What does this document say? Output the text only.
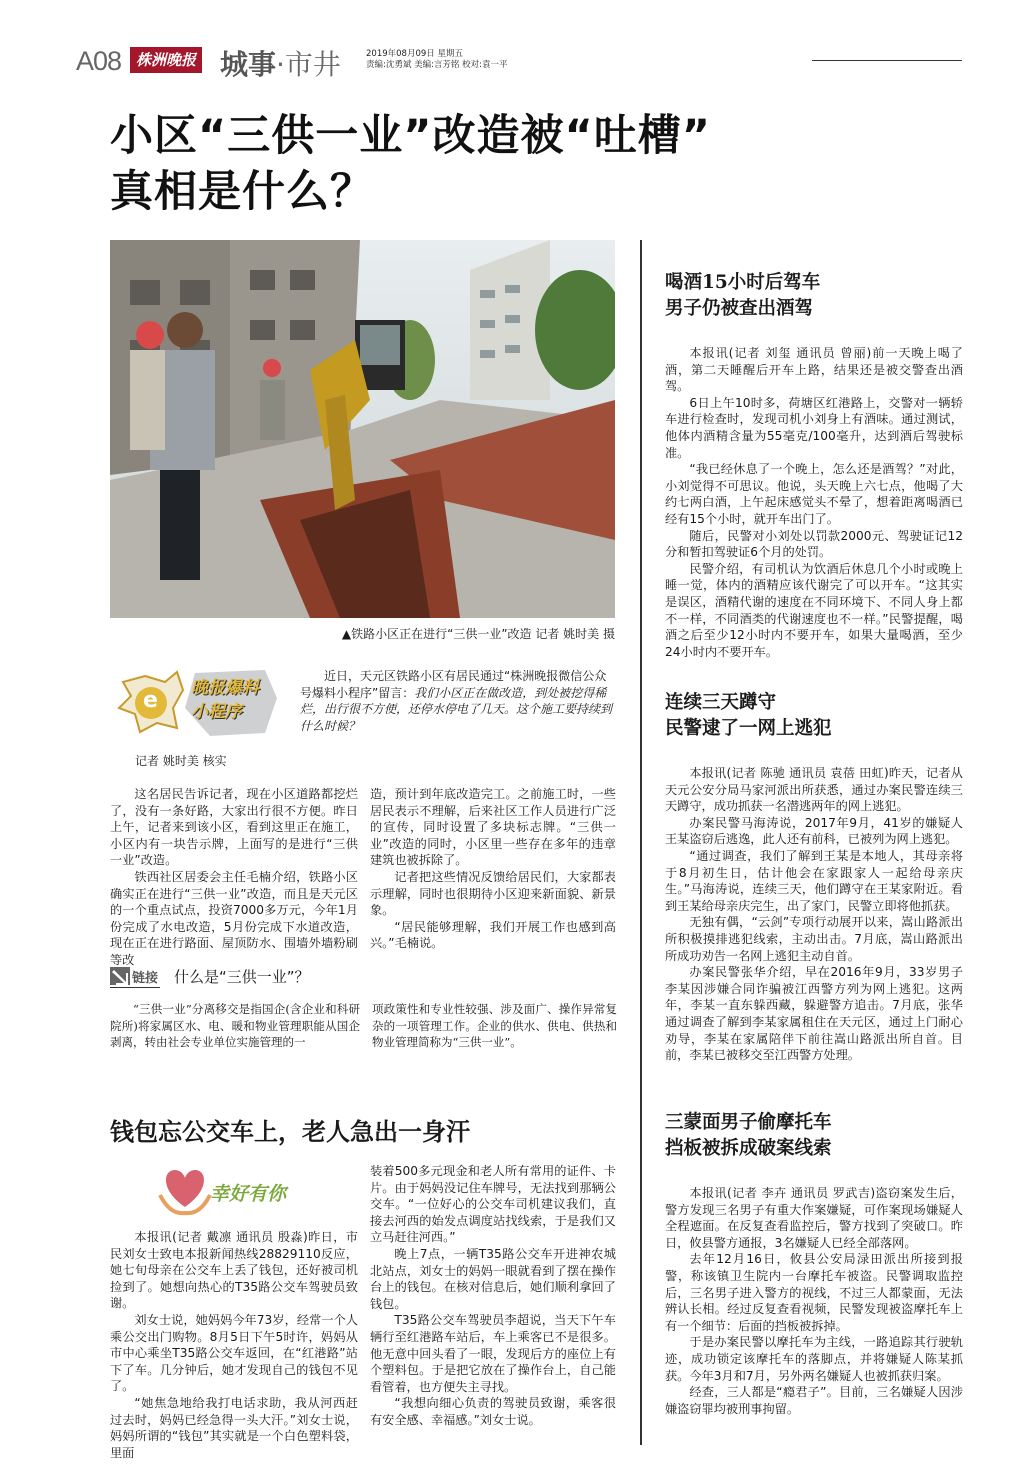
A08 株洲晚报 城事·市井	2019年08月09日 星期五
责编:沈勇斌 美编:言芳铭 校对:袁一平
小区“三供一业”改造被“吐槽”
真相是什么？
▲铁路小区正在进行“三供一业”改造 记者 姚时美 摄
e 晚报爆料
小程序

近日，天元区铁路小区有居民通过“株洲晚报微信公众号爆料小程序”留言：我们小区正在做改造，到处被挖得稀烂，出行很不方便，还停水停电了几天。这个施工要持续到什么时候？

记者 姚时美 核实

这名居民告诉记者，现在小区道路都挖烂了，没有一条好路，大家出行很不方便。昨日上午，记者来到该小区，看到这里正在施工，小区内有一块告示牌，上面写的是进行“三供一业”改造。

铁西社区居委会主任毛楠介绍，铁路小区确实正在进行“三供一业”改造，而且是天元区的一个重点试点，投资7000多万元，今年1月份完成了水电改造，5月份完成下水道改造，现在正在进行路面、屋顶防水、围墙外墙粉刷等改

造，预计到年底改造完工。之前施工时，一些居民表示不理解，后来社区工作人员进行广泛的宣传，同时设置了多块标志牌。“三供一业”改造的同时，小区里一些存在多年的违章建筑也被拆除了。

记者把这些情况反馈给居民们，大家都表示理解，同时也很期待小区迎来新面貌、新景象。

“居民能够理解，我们开展工作也感到高兴。”毛楠说。

链接 什么是“三供一业”？

“三供一业”分离移交是指国企(含企业和科研院所)将家属区水、电、暖和物业管理职能从国企剥离，转由社会专业单位实施管理的一

项政策性和专业性较强、涉及面广、操作异常复杂的一项管理工作。企业的供水、供电、供热和物业管理简称为“三供一业”。
钱包忘公交车上，老人急出一身汗
幸好有你

本报讯(记者 戴凛 通讯员 殷淼)昨日，市民刘女士致电本报新闻热线28829110反应，她七旬母亲在公交车上丢了钱包，还好被司机捡到了。她想向热心的T35路公交车驾驶员致谢。

刘女士说，她妈妈今年73岁，经常一个人乘公交出门购物。8月5日下午5时许，妈妈从市中心乘坐T35路公交车返回，在“红港路”站下了车。几分钟后，她才发现自己的钱包不见了。

“她焦急地给我打电话求助，我从河西赶过去时，妈妈已经急得一头大汗。”刘女士说，妈妈所谓的“钱包”其实就是一个白色塑料袋，里面

装着500多元现金和老人所有常用的证件、卡片。由于妈妈没记住车牌号，无法找到那辆公交车。“一位好心的公交车司机建议我们，直接去河西的始发点调度站找线索，于是我们又立马赶往河西。”

晚上7点，一辆T35路公交车开进神农城北站点，刘女士的妈妈一眼就看到了摆在操作台上的钱包。在核对信息后，她们顺利拿回了钱包。

T35路公交车驾驶员李超说，当天下午车辆行至红港路车站后，车上乘客已不是很多。他无意中回头看了一眼，发现后方的座位上有个塑料包。于是把它放在了操作台上，自己能看管着，也方便失主寻找。

“我想向细心负责的驾驶员致谢，乘客很有安全感、幸福感。”刘女士说。

喝酒15小时后驾车
男子仍被查出酒驾

本报讯(记者 刘玺 通讯员 曾丽)前一天晚上喝了酒，第二天睡醒后开车上路，结果还是被交警查出酒驾。

6日上午10时多，荷塘区红港路上，交警对一辆轿车进行检查时，发现司机小刘身上有酒味。通过测试，他体内酒精含量为55毫克/100毫升，达到酒后驾驶标准。

“我已经休息了一个晚上，怎么还是酒驾？”对此，小刘觉得不可思议。他说，头天晚上六七点，他喝了大约七两白酒，上午起床感觉头不晕了，想着距离喝酒已经有15个小时，就开车出门了。

随后，民警对小刘处以罚款2000元、驾驶证记12分和暂扣驾驶证6个月的处罚。

民警介绍，有司机认为饮酒后休息几个小时或晚上睡一觉，体内的酒精应该代谢完了可以开车。“这其实是误区，酒精代谢的速度在不同环境下、不同人身上都不一样，不同酒类的代谢速度也不一样。”民警提醒，喝酒之后至少12小时内不要开车，如果大量喝酒，至少24小时内不要开车。

连续三天蹲守
民警逮了一网上逃犯

本报讯(记者 陈驰 通讯员 袁蓓 田虹)昨天，记者从天元公安分局马家河派出所获悉，通过办案民警连续三天蹲守，成功抓获一名潜逃两年的网上逃犯。

办案民警马海涛说，2017年9月，41岁的嫌疑人王某盗窃后逃逸，此人还有前科，已被列为网上逃犯。

“通过调查，我们了解到王某是本地人，其母亲将于8月初生日，估计他会在家跟家人一起给母亲庆生。”马海涛说，连续三天，他们蹲守在王某家附近。看到王某给母亲庆完生，出了家门，民警立即将他抓获。

无独有偶，“云剑”专项行动展开以来，嵩山路派出所积极摸排逃犯线索，主动出击。7月底，嵩山路派出所成功劝告一名网上逃犯主动自首。

办案民警张华介绍，早在2016年9月，33岁男子李某因涉嫌合同诈骗被江西警方列为网上逃犯。这两年，李某一直东躲西藏，躲避警方追击。7月底，张华通过调查了解到李某家属租住在天元区，通过上门耐心劝导，李某在家属陪伴下前往嵩山路派出所自首。目前，李某已被移交至江西警方处理。

三蒙面男子偷摩托车
挡板被拆成破案线索

本报讯(记者 李卉 通讯员 罗武吉)盗窃案发生后，警方发现三名男子有重大作案嫌疑，可作案现场嫌疑人全程遮面。在反复查看监控后，警方找到了突破口。昨日，攸县警方通报，3名嫌疑人已经全部落网。

去年12月16日，攸县公安局渌田派出所接到报警，称该镇卫生院内一台摩托车被盗。民警调取监控后，三名男子进入警方的视线，不过三人都蒙面，无法辨认长相。经过反复查看视频，民警发现被盗摩托车上有一个细节：后面的挡板被拆掉。

于是办案民警以摩托车为主线，一路追踪其行驶轨迹，成功锁定该摩托车的落脚点，并将嫌疑人陈某抓获。今年3月和7月，另外两名嫌疑人也被抓获归案。

经查，三人都是“瘾君子”。目前，三名嫌疑人因涉嫌盗窃罪均被刑事拘留。
